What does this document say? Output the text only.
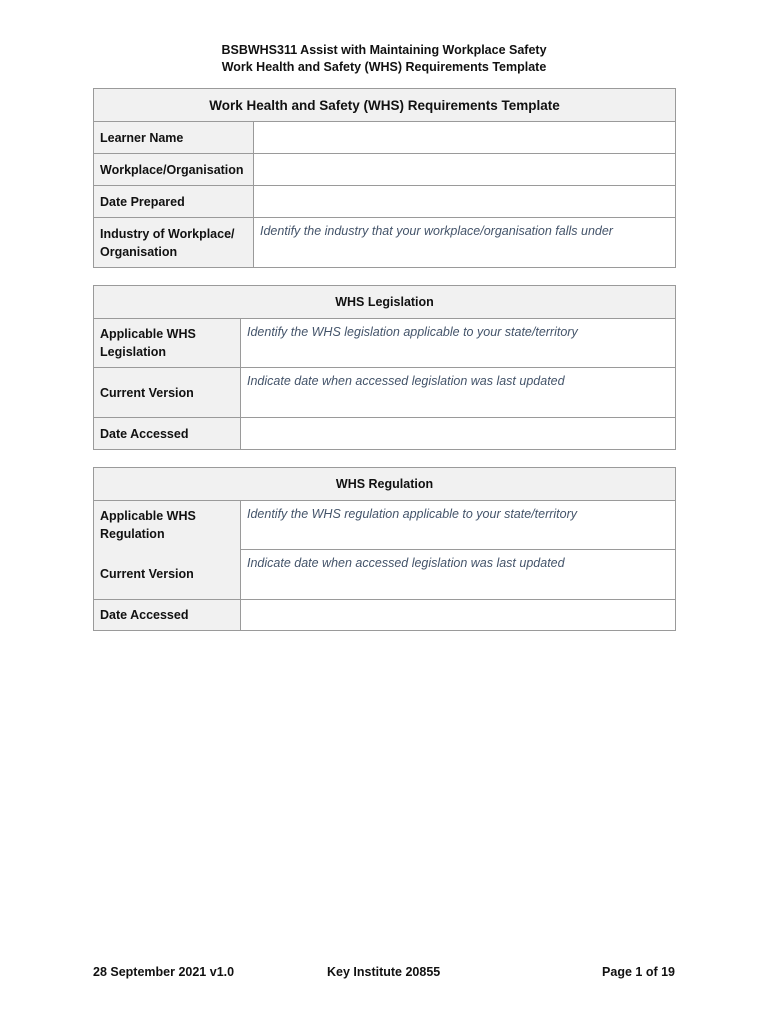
BSBWHS311 Assist with Maintaining Workplace Safety
Work Health and Safety (WHS) Requirements Template
Work Health and Safety (WHS) Requirements Template	
Learner Name	
Workplace/Organisation	
Date Prepared	

Industry of Workplace/
Organisation	Identify the industry that your workplace/organisation falls under
WHS Legislation	

Applicable WHS
Legislation	Identify the WHS legislation applicable to your state/territory
Current Version	Indicate date when accessed legislation was last updated
Date Accessed	
WHS Regulation	

Applicable WHS
Regulation	Identify the WHS regulation applicable to your state/territory
Current Version	Indicate date when accessed legislation was last updated
Date Accessed	
28 September 2021 v1.0	Key Institute 20855	Page 1 of 19
